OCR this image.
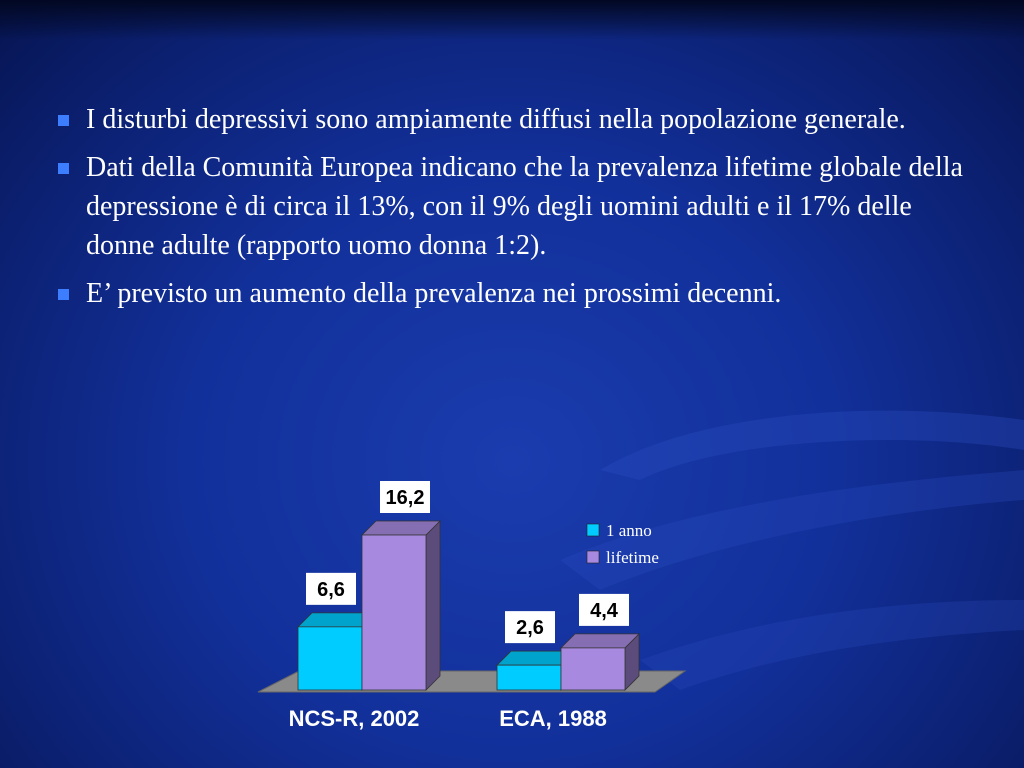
I disturbi depressivi sono ampiamente diffusi nella popolazione generale.
Dati della Comunità Europea indicano che la prevalenza lifetime globale della depressione è di circa il 13%, con il 9% degli uomini adulti e il 17% delle donne adulte (rapporto uomo donna 1:2).
E’ previsto un aumento della prevalenza nei prossimi decenni.
6,6
16,2
NCS-R, 2002
2,6
4,4
ECA, 1988
1 anno
lifetime
